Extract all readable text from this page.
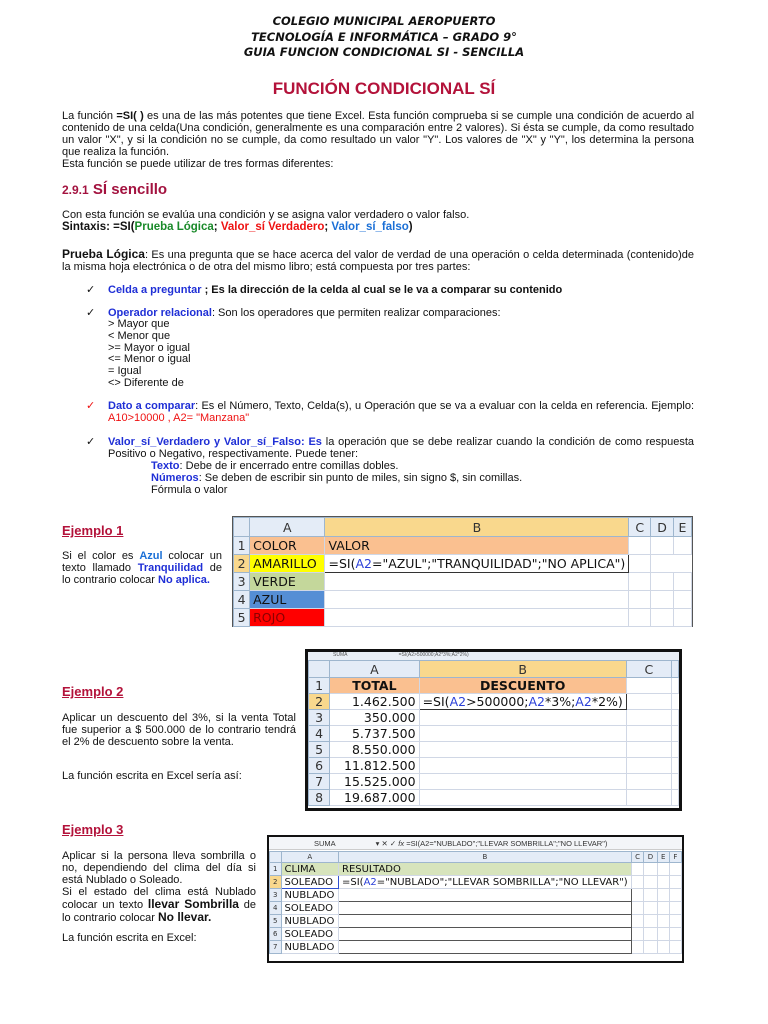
COLEGIO MUNICIPAL AEROPUERTO
TECNOLOGÍA E INFORMÁTICA – GRADO 9°
GUIA FUNCION CONDICIONAL SI - SENCILLA
FUNCIÓN CONDICIONAL SÍ
La función =SI( ) es una de las más potentes que tiene Excel. Esta función comprueba si se cumple una condición de acuerdo al contenido de una celda(Una condición, generalmente es una comparación entre 2 valores). Si ésta se cumple, da como resultado un valor "X", y si la condición no se cumple, da como resultado un valor "Y". Los valores de "X" y "Y", los determina la persona que realiza la función.
Esta función se puede utilizar de tres formas diferentes:
2.9.1 SÍ sencillo
Con esta función se evalúa una condición y se asigna valor verdadero o valor falso.
Sintaxis: =SI(Prueba Lógica; Valor_sí Verdadero; Valor_sí_falso)
Prueba Lógica: Es una pregunta que se hace acerca del valor de verdad de una operación o celda determinada (contenido)de la misma hoja electrónica o de otra del mismo libro; está compuesta por tres partes:
✓ Celda a preguntar ; Es la dirección de la celda al cual se le va a comparar su contenido
✓ Operador relacional: Son los operadores que permiten realizar comparaciones:
> Mayor que
< Menor que
>= Mayor o igual
<= Menor o igual
= Igual
<> Diferente de
✓ Dato a comparar: Es el Número, Texto, Celda(s), u Operación que se va a evaluar con la celda en referencia. Ejemplo: A10>10000 , A2= "Manzana"
✓ Valor_sí_Verdadero y Valor_sí_Falso: Es la operación que se debe realizar cuando la condición de como respuesta Positivo o Negativo, respectivamente. Puede tener:
Texto: Debe de ir encerrado entre comillas dobles.
Números: Se deben de escribir sin punto de miles, sin signo $, sin comillas.
Fórmula o valor
Ejemplo 1
Si el color es Azul colocar un texto llamado Tranquilidad de lo contrario colocar No aplica.
	A	B	C	D	E
1	COLOR	VALOR			
2	AMARILLO	=SI(A2="AZUL";"TRANQUILIDAD";"NO APLICA")			
3	VERDE				
4	AZUL				
5	ROJO				
Ejemplo 2
Aplicar un descuento del 3%, si la venta Total fue superior a $ 500.000 de lo contrario tendrá el 2% de descuento sobre la venta.
La función escrita en Excel sería así:
SUMA	=SI(A2>500000;A2*3%;A2*2%)
	A	B	C	
1	TOTAL	DESCUENTO		
2	1.462.500	=SI(A2>500000;A2*3%;A2*2%)		
3	350.000			
4	5.737.500			
5	8.550.000			
6	11.812.500			
7	15.525.000			
8	19.687.000			
Ejemplo 3
Aplicar si la persona lleva sombrilla o no, dependiendo del clima del día si está Nublado o Soleado.
Si el estado del clima está Nublado colocar un texto llevar Sombrilla de lo contrario colocar No llevar.
La función escrita en Excel:
SUMA	▾ ✕ ✓ fx =SI(A2="NUBLADO";"LLEVAR SOMBRILLA";"NO LLEVAR")
	A	B	C	D	E	F
1	CLIMA	RESULTADO				
2	SOLEADO	=SI(A2="NUBLADO";"LLEVAR SOMBRILLA";"NO LLEVAR")				
3	NUBLADO					
4	SOLEADO					
5	NUBLADO					
6	SOLEADO					
7	NUBLADO					
